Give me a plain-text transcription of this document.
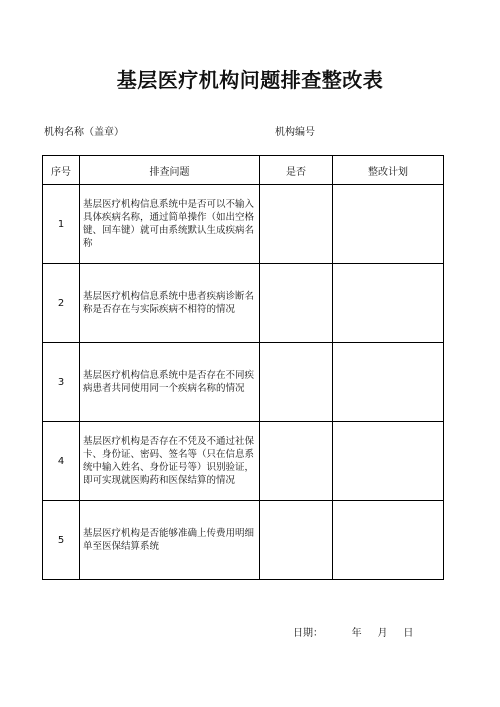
基层医疗机构问题排查整改表
机构名称（盖章）	机构编号
序号	排查问题	是否	整改计划
1	基层医疗机构信息系统中是否可以不输入具体疾病名称，通过简单操作（如出空格键、回车键）就可由系统默认生成疾病名称		

2	基层医疗机构信息系统中患者疾病诊断名称是否存在与实际疾病不相符的情况		

3	基层医疗机构信息系统中是否存在不同疾病患者共同使用同一个疾病名称的情况		

4	基层医疗机构是否存在不凭及不通过社保卡、身份证、密码、签名等（只在信息系统中输入姓名、身份证号等）识别验证，即可实现就医购药和医保结算的情况		

5	基层医疗机构是否能够准确上传费用明细单至医保结算系统		

日期：	年 月 日
